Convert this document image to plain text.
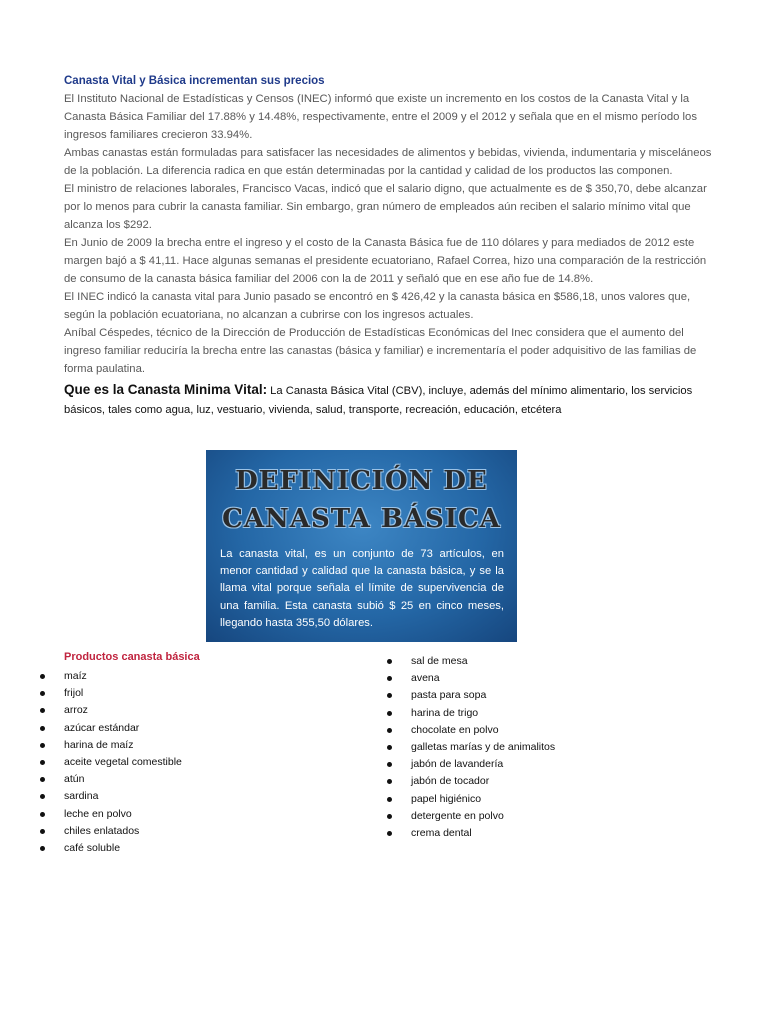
Canasta Vital y Básica incrementan sus precios

El Instituto Nacional de Estadísticas y Censos (INEC) informó que existe un incremento en los costos de la Canasta Vital y la Canasta Básica Familiar del 17.88% y 14.48%, respectivamente, entre el 2009 y el 2012 y señala que en el mismo período los ingresos familiares crecieron 33.94%.

Ambas canastas están formuladas para satisfacer las necesidades de alimentos y bebidas, vivienda, indumentaria y misceláneos de la población. La diferencia radica en que están determinadas por la cantidad y calidad de los productos las componen.

El ministro de relaciones laborales, Francisco Vacas, indicó que el salario digno, que actualmente es de $ 350,70, debe alcanzar por lo menos para cubrir la canasta familiar. Sin embargo, gran número de empleados aún reciben el salario mínimo vital que alcanza los $292.

En Junio de 2009 la brecha entre el ingreso y el costo de la Canasta Básica fue de 110 dólares y para mediados de 2012 este margen bajó a $ 41,11. Hace algunas semanas el presidente ecuatoriano, Rafael Correa, hizo una comparación de la restricción de consumo de la canasta básica familiar del 2006 con la de 2011 y señaló que en ese año fue de 14.8%.

El INEC indicó la canasta vital para Junio pasado se encontró en $ 426,42 y la canasta básica en $586,18, unos valores que, según la población ecuatoriana, no alcanzan a cubrirse con los ingresos actuales.

Aníbal Céspedes, técnico de la Dirección de Producción de Estadísticas Económicas del Inec considera que el aumento del ingreso familiar reduciría la brecha entre las canastas (básica y familiar) e incrementaría el poder adquisitivo de las familias de forma paulatina.

Que es la Canasta Minima Vital: La Canasta Básica Vital (CBV), incluye, además del mínimo alimentario, los servicios básicos, tales como agua, luz, vestuario, vivienda, salud, transporte, recreación, educación, etcétera

DEFINICIÓN DE
CANASTA BÁSICA
La canasta vital, es un conjunto de 73 artículos, en menor cantidad y calidad que la canasta básica, y se la llama vital porque señala el límite de supervivencia de una familia. Esta canasta subió $ 25 en cinco meses, llegando hasta 355,50 dólares.

Productos canasta básica

maíz
frijol
arroz
azúcar estándar
harina de maíz
aceite vegetal comestible
atún
sardina
leche en polvo
chiles enlatados
café soluble
sal de mesa
avena
pasta para sopa
harina de trigo
chocolate en polvo
galletas marías y de animalitos
jabón de lavandería
jabón de tocador
papel higiénico
detergente en polvo
crema dental
